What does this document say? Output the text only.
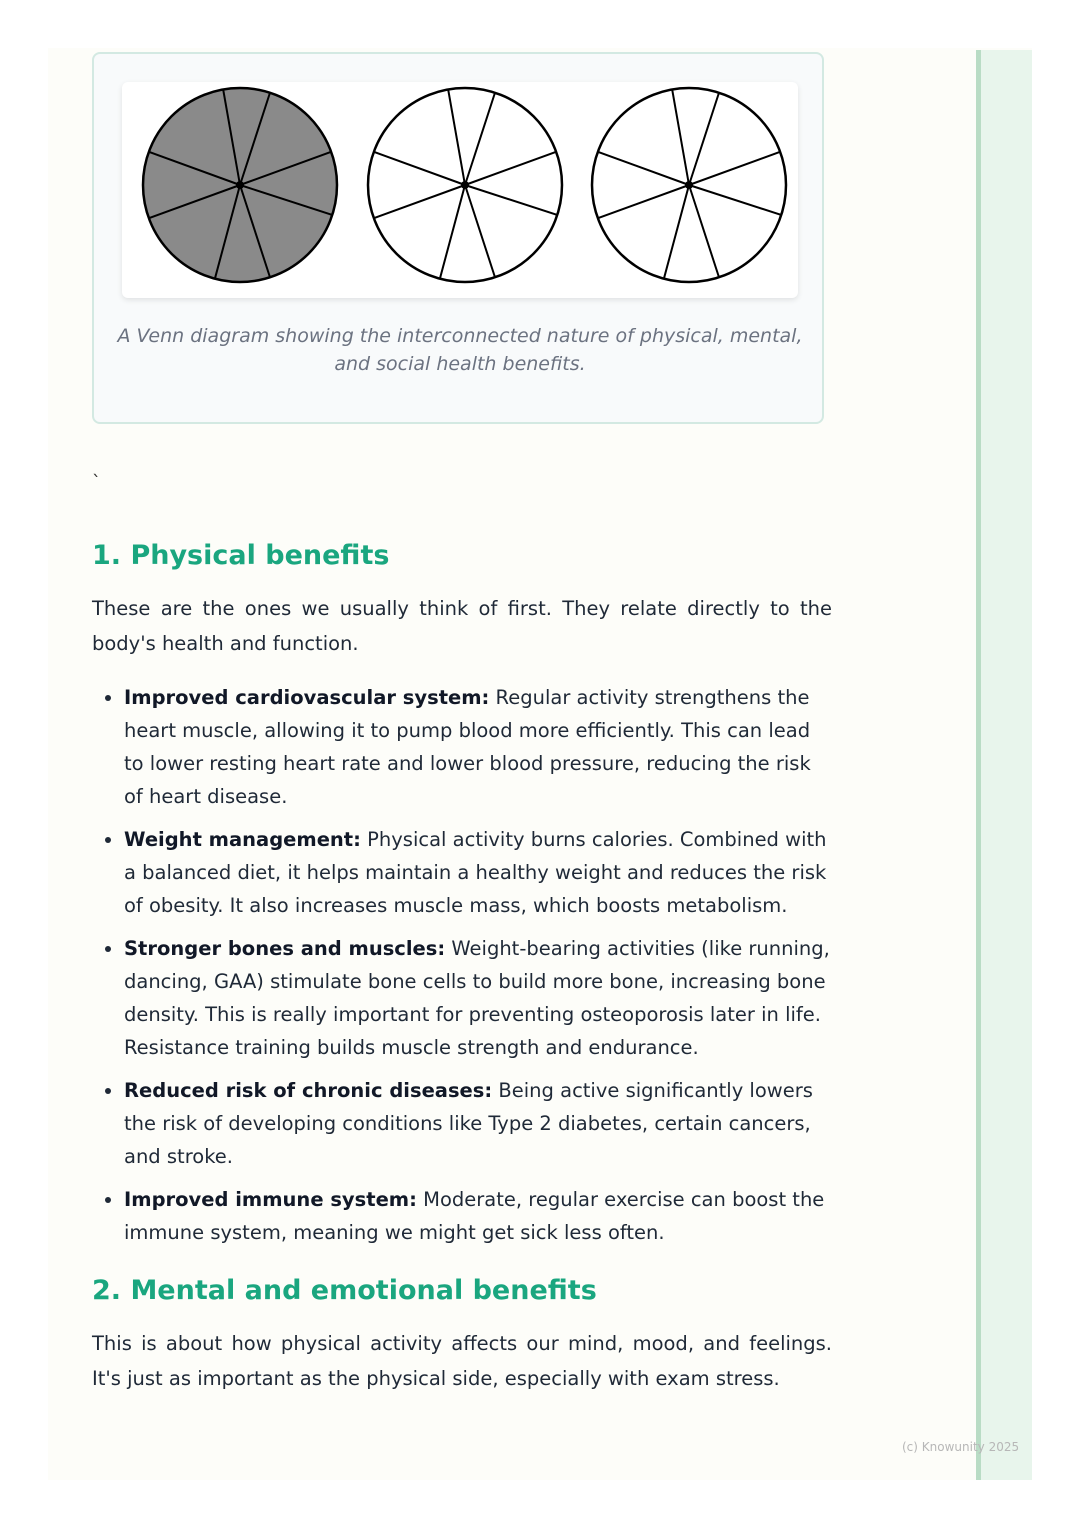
A Venn diagram showing the interconnected nature of physical, mental, and social health benefits.
`
1. Physical benefits

These are the ones we usually think of first. They relate directly to the body's health and function.

• Improved cardiovascular system: Regular activity strengthens the heart muscle, allowing it to pump blood more efficiently. This can lead to lower resting heart rate and lower blood pressure, reducing the risk of heart disease.
• Weight management: Physical activity burns calories. Combined with a balanced diet, it helps maintain a healthy weight and reduces the risk of obesity. It also increases muscle mass, which boosts metabolism.
• Stronger bones and muscles: Weight-bearing activities (like running, dancing, GAA) stimulate bone cells to build more bone, increasing bone density. This is really important for preventing osteoporosis later in life. Resistance training builds muscle strength and endurance.
• Reduced risk of chronic diseases: Being active significantly lowers the risk of developing conditions like Type 2 diabetes, certain cancers, and stroke.
• Improved immune system: Moderate, regular exercise can boost the immune system, meaning we might get sick less often.
2. Mental and emotional benefits

This is about how physical activity affects our mind, mood, and feelings. It's just as important as the physical side, especially with exam stress.

(c) Knowunity 2025
